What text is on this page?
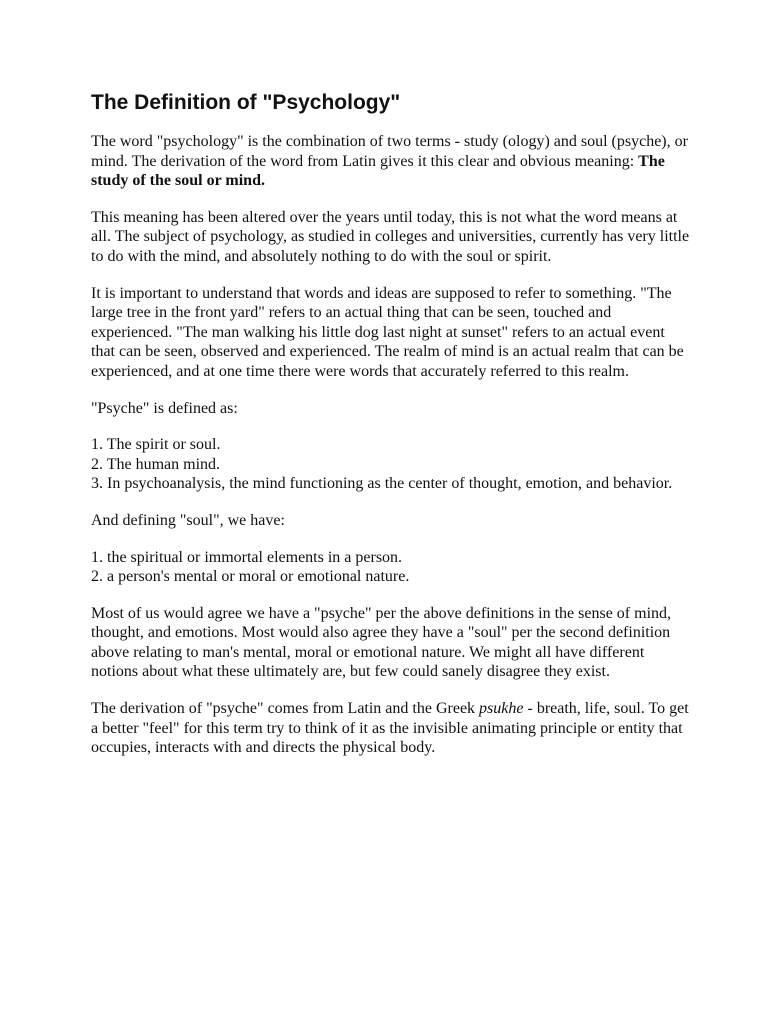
The Definition of "Psychology"

The word "psychology" is the combination of two terms - study (ology) and soul (psyche), or mind. The derivation of the word from Latin gives it this clear and obvious meaning: The study of the soul or mind.

This meaning has been altered over the years until today, this is not what the word means at all. The subject of psychology, as studied in colleges and universities, currently has very little to do with the mind, and absolutely nothing to do with the soul or spirit.

It is important to understand that words and ideas are supposed to refer to something. "The large tree in the front yard" refers to an actual thing that can be seen, touched and experienced. "The man walking his little dog last night at sunset" refers to an actual event that can be seen, observed and experienced. The realm of mind is an actual realm that can be experienced, and at one time there were words that accurately referred to this realm.

"Psyche" is defined as:

1. The spirit or soul.
2. The human mind.
3. In psychoanalysis, the mind functioning as the center of thought, emotion, and behavior.

And defining "soul", we have:

1. the spiritual or immortal elements in a person.
2. a person's mental or moral or emotional nature.

Most of us would agree we have a "psyche" per the above definitions in the sense of mind, thought, and emotions. Most would also agree they have a "soul" per the second definition above relating to man's mental, moral or emotional nature. We might all have different notions about what these ultimately are, but few could sanely disagree they exist.

The derivation of "psyche" comes from Latin and the Greek psukhe - breath, life, soul. To get a better "feel" for this term try to think of it as the invisible animating principle or entity that occupies, interacts with and directs the physical body.
